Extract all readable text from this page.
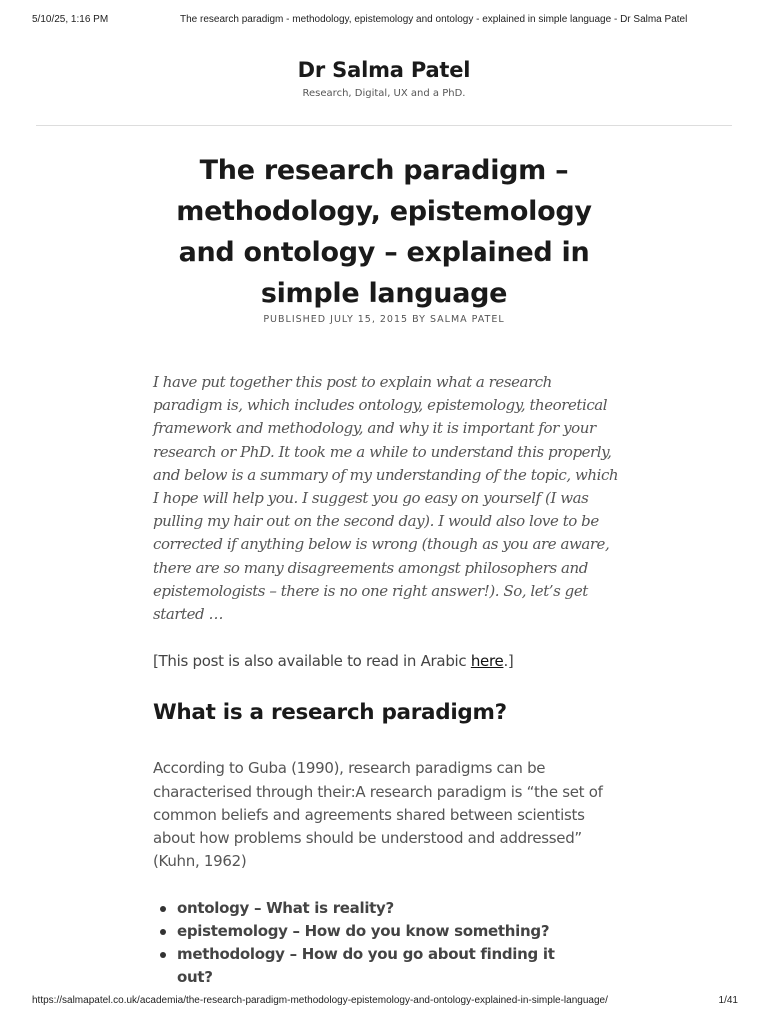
5/10/25, 1:16 PM	The research paradigm - methodology, epistemology and ontology - explained in simple language - Dr Salma Patel
Dr Salma Patel
Research, Digital, UX and a PhD.
The research paradigm – methodology, epistemology and ontology – explained in simple language
PUBLISHED JULY 15, 2015 BY SALMA PATEL

I have put together this post to explain what a research paradigm is, which includes ontology, epistemology, theoretical framework and methodology, and why it is important for your research or PhD. It took me a while to understand this properly, and below is a summary of my understanding of the topic, which I hope will help you. I suggest you go easy on yourself (I was pulling my hair out on the second day). I would also love to be corrected if anything below is wrong (though as you are aware, there are so many disagreements amongst philosophers and epistemologists – there is no one right answer!). So, let’s get started …

[This post is also available to read in Arabic here.]

What is a research paradigm?

According to Guba (1990), research paradigms can be characterised through their:A research paradigm is “the set of common beliefs and agreements shared between scientists about how problems should be understood and addressed” (Kuhn, 1962)

ontology – What is reality?
epistemology – How do you know something?
methodology – How do you go about finding it out?
https://salmapatel.co.uk/academia/the-research-paradigm-methodology-epistemology-and-ontology-explained-in-simple-language/	1/41
